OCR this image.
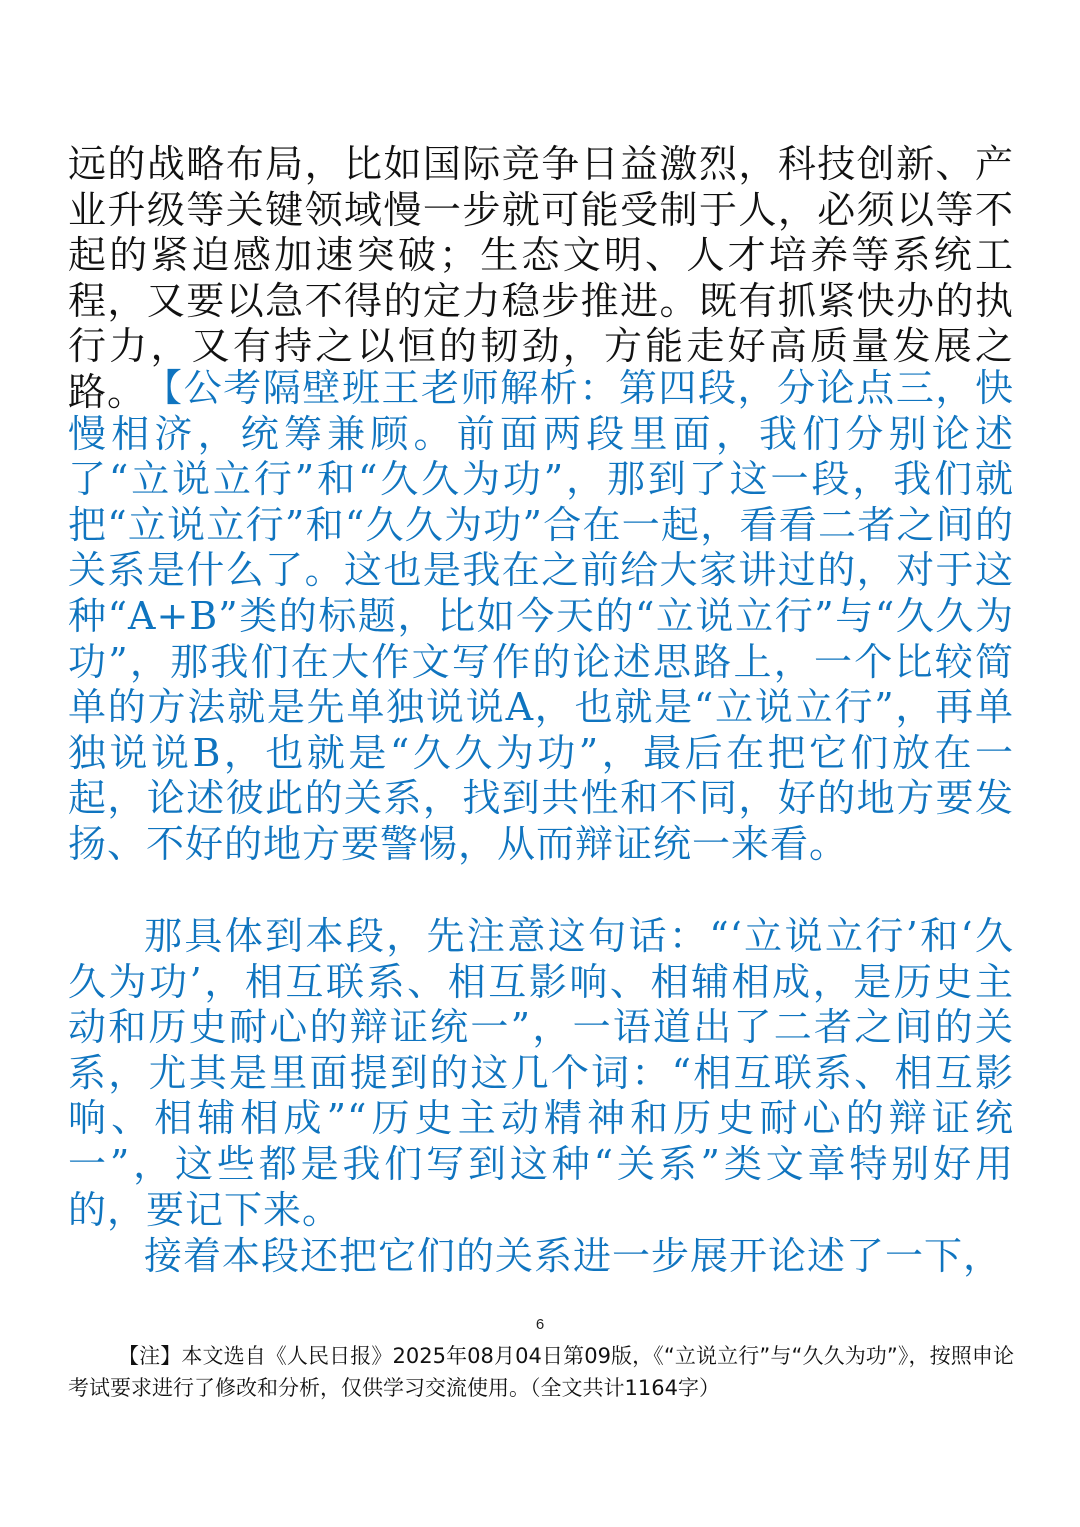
远的战略布局，比如国际竞争日益激烈，科技创新、产业升级等关键领域慢一步就可能受制于人，必须以等不起的紧迫感加速突破；生态文明、人才培养等系统工程，又要以急不得的定力稳步推进。既有抓紧快办的执行力，又有持之以恒的韧劲，方能走好高质量发展之路。

【公考隔壁班王老师解析：第四段，分论点三，快慢相济，统筹兼顾。前面两段里面，我们分别论述了“立说立行”和“久久为功”，那到了这一段，我们就把“立说立行”和“久久为功”合在一起，看看二者之间的关系是什么了。这也是我在之前给大家讲过的，对于这种“A+B”类的标题，比如今天的“立说立行”与“久久为功”，那我们在大作文写作的论述思路上，一个比较简单的方法就是先单独说说A，也就是“立说立行”，再单独说说B，也就是“久久为功”，最后在把它们放在一起，论述彼此的关系，找到共性和不同，好的地方要发扬、不好的地方要警惕，从而辩证统一来看。

那具体到本段，先注意这句话：“‘立说立行’和‘久久为功’，相互联系、相互影响、相辅相成，是历史主动和历史耐心的辩证统一”，一语道出了二者之间的关系，尤其是里面提到的这几个词：“相互联系、相互影响、相辅相成”“历史主动精神和历史耐心的辩证统一”，这些都是我们写到这种“关系”类文章特别好用的，要记下来。

接着本段还把它们的关系进一步展开论述了一下，

6

【注】本文选自《人民日报》2025年08月04日第09版，《“立说立行”与“久久为功”》，按照申论考试要求进行了修改和分析，仅供学习交流使用。（全文共计1164字）
